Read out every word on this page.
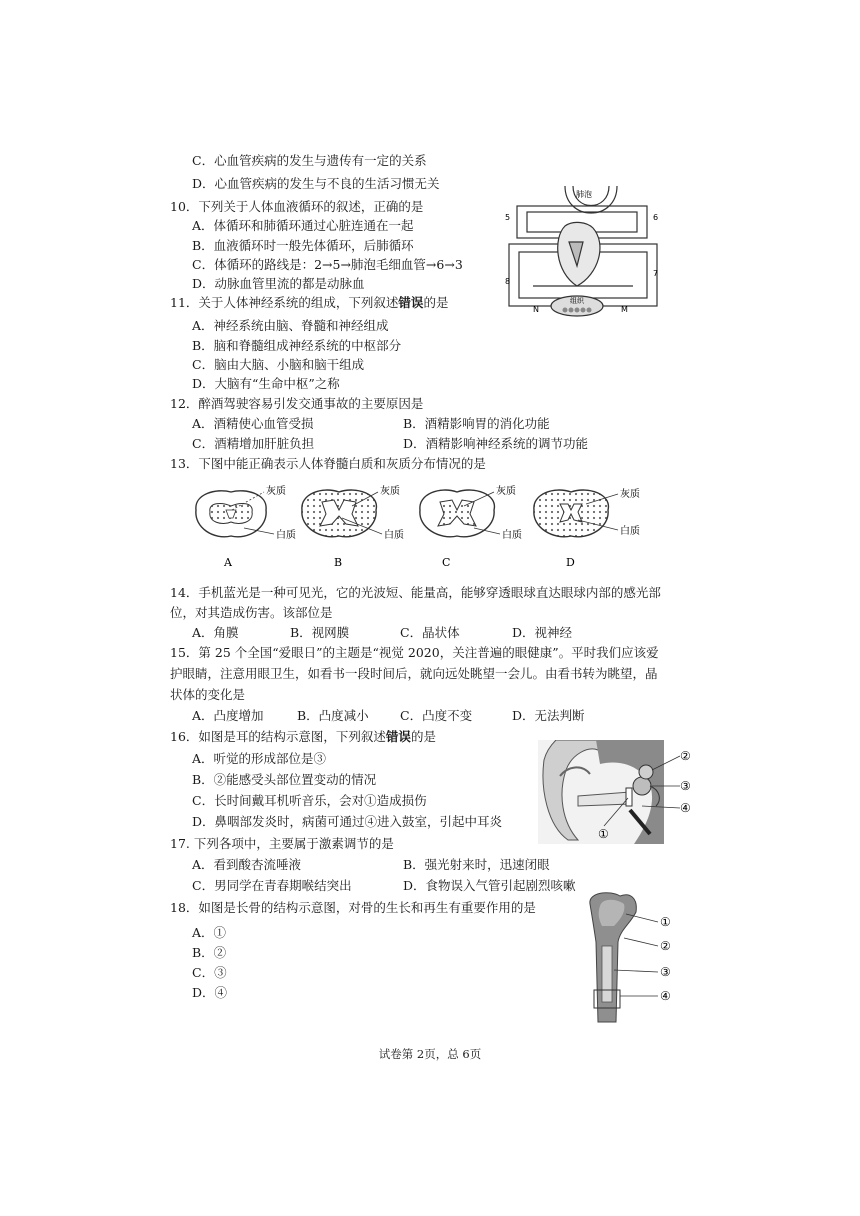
C．心血管疾病的发生与遗传有一定的关系
D．心血管疾病的发生与不良的生活习惯无关
10．下列关于人体血液循环的叙述，正确的是
A．体循环和肺循环通过心脏连通在一起
B．血液循环时一般先体循环，后肺循环
C．体循环的路线是：2→5→肺泡毛细血管→6→3
D．动脉血管里流的都是动脉血
肺泡
组织
5	6
7
8
N	M
11．关于人体神经系统的组成，下列叙述错误的是
A．神经系统由脑、脊髓和神经组成
B．脑和脊髓组成神经系统的中枢部分
C．脑由大脑、小脑和脑干组成
D．大脑有“生命中枢”之称
12．醉酒驾驶容易引发交通事故的主要原因是
A．酒精使心血管受损	B．酒精影响胃的消化功能
C．酒精增加肝脏负担	D．酒精影响神经系统的调节功能
13．下图中能正确表示人体脊髓白质和灰质分布情况的是
灰质
白质
A
灰质
白质
B
灰质
白质
C
灰质
白质
D
14．手机蓝光是一种可见光，它的光波短、能量高，能够穿透眼球直达眼球内部的感光部
位，对其造成伤害。该部位是
A．角膜	B．视网膜	C．晶状体	D．视神经
15．第 25 个全国“爱眼日”的主题是“视觉 2020，关注普遍的眼健康”。平时我们应该爱
护眼睛，注意用眼卫生，如看书一段时间后，就向远处眺望一会儿。由看书转为眺望，晶
状体的变化是
A．凸度增加	B．凸度减小	C．凸度不变	D．无法判断
16．如图是耳的结构示意图，下列叙述错误的是
A．听觉的形成部位是③
B．②能感受头部位置变动的情况
C．长时间戴耳机听音乐，会对①造成损伤
D．鼻咽部发炎时，病菌可通过④进入鼓室，引起中耳炎
②
③
④
①
17. 下列各项中，主要属于激素调节的是
A．看到酸杏流唾液	B．强光射来时，迅速闭眼
C．男同学在青春期喉结突出	D．食物误入气管引起剧烈咳嗽
18．如图是长骨的结构示意图，对骨的生长和再生有重要作用的是
A．①
B．②
C．③
D．④
①
②
③
④
试卷第 2页，总 6页
